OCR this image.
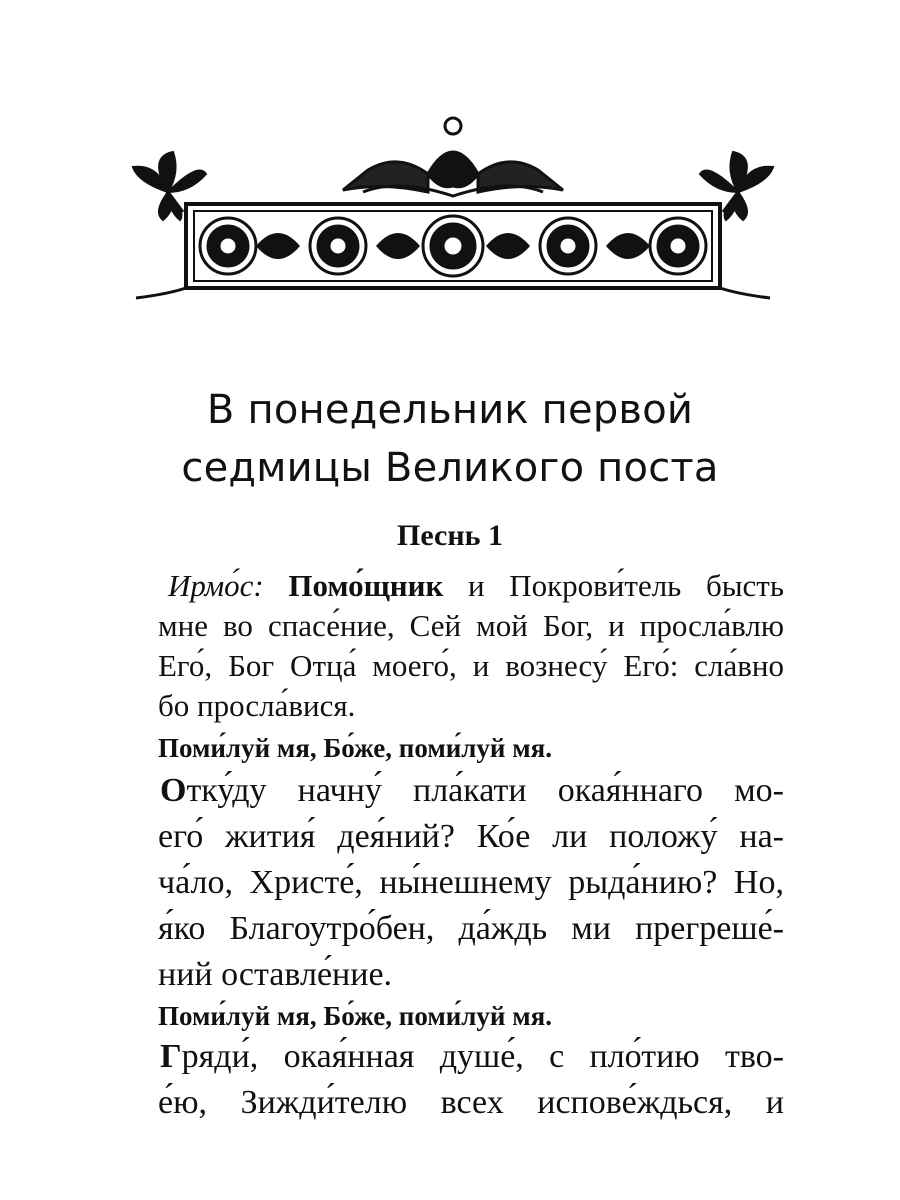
В понедельник первой
седмицы Великого поста
Песнь 1
Ирмо́с: Помо́щник и Покрови́тель бысть
мне во спасе́ние, Сей мой Бог, и просла́влю
Его́, Бог Отца́ моего́, и вознесу́ Его́: сла́вно
бо просла́вися.
Поми́луй мя, Бо́же, поми́луй мя.
Отку́ду начну́ пла́кати окая́ннаго мо-
его́ жития́ дея́ний? Ко́е ли положу́ на-
ча́ло, Христе́, ны́нешнему рыда́нию? Но,
я́ко Благоутро́бен, да́ждь ми прегреше́-
ний оставле́ние.
Поми́луй мя, Бо́же, поми́луй мя.
Гряди́, окая́нная душе́, с пло́тию тво-
е́ю, Зижди́телю всех испове́ждься, и
